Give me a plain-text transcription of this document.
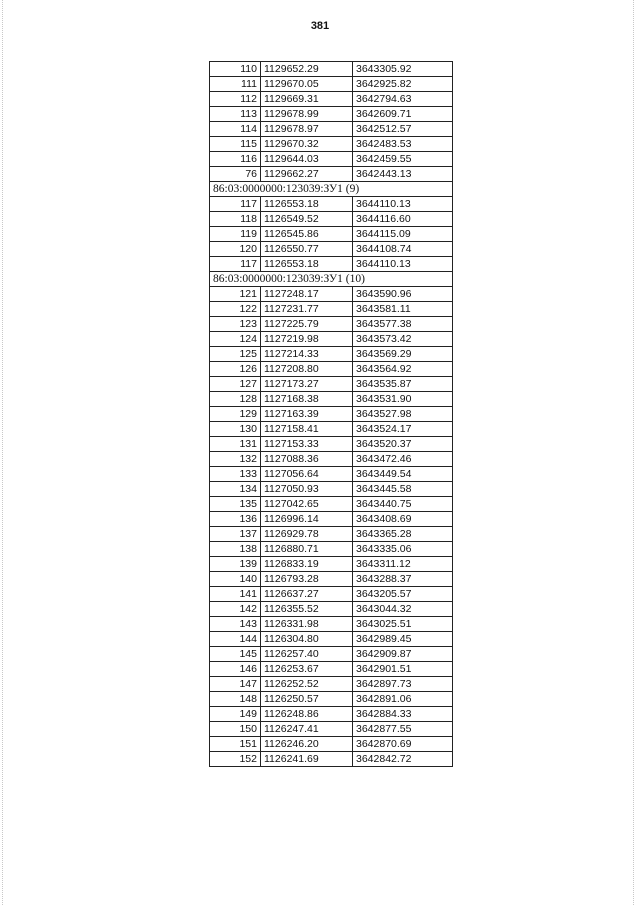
381
110	1129652.29	3643305.92
111	1129670.05	3642925.82
112	1129669.31	3642794.63
113	1129678.99	3642609.71
114	1129678.97	3642512.57
115	1129670.32	3642483.53
116	1129644.03	3642459.55
76	1129662.27	3642443.13
86:03:0000000:123039:ЗУ1 (9)		
117	1126553.18	3644110.13
118	1126549.52	3644116.60
119	1126545.86	3644115.09
120	1126550.77	3644108.74
117	1126553.18	3644110.13
86:03:0000000:123039:ЗУ1 (10)		
121	1127248.17	3643590.96
122	1127231.77	3643581.11
123	1127225.79	3643577.38
124	1127219.98	3643573.42
125	1127214.33	3643569.29
126	1127208.80	3643564.92
127	1127173.27	3643535.87
128	1127168.38	3643531.90
129	1127163.39	3643527.98
130	1127158.41	3643524.17
131	1127153.33	3643520.37
132	1127088.36	3643472.46
133	1127056.64	3643449.54
134	1127050.93	3643445.58
135	1127042.65	3643440.75
136	1126996.14	3643408.69
137	1126929.78	3643365.28
138	1126880.71	3643335.06
139	1126833.19	3643311.12
140	1126793.28	3643288.37
141	1126637.27	3643205.57
142	1126355.52	3643044.32
143	1126331.98	3643025.51
144	1126304.80	3642989.45
145	1126257.40	3642909.87
146	1126253.67	3642901.51
147	1126252.52	3642897.73
148	1126250.57	3642891.06
149	1126248.86	3642884.33
150	1126247.41	3642877.55
151	1126246.20	3642870.69
152	1126241.69	3642842.72
